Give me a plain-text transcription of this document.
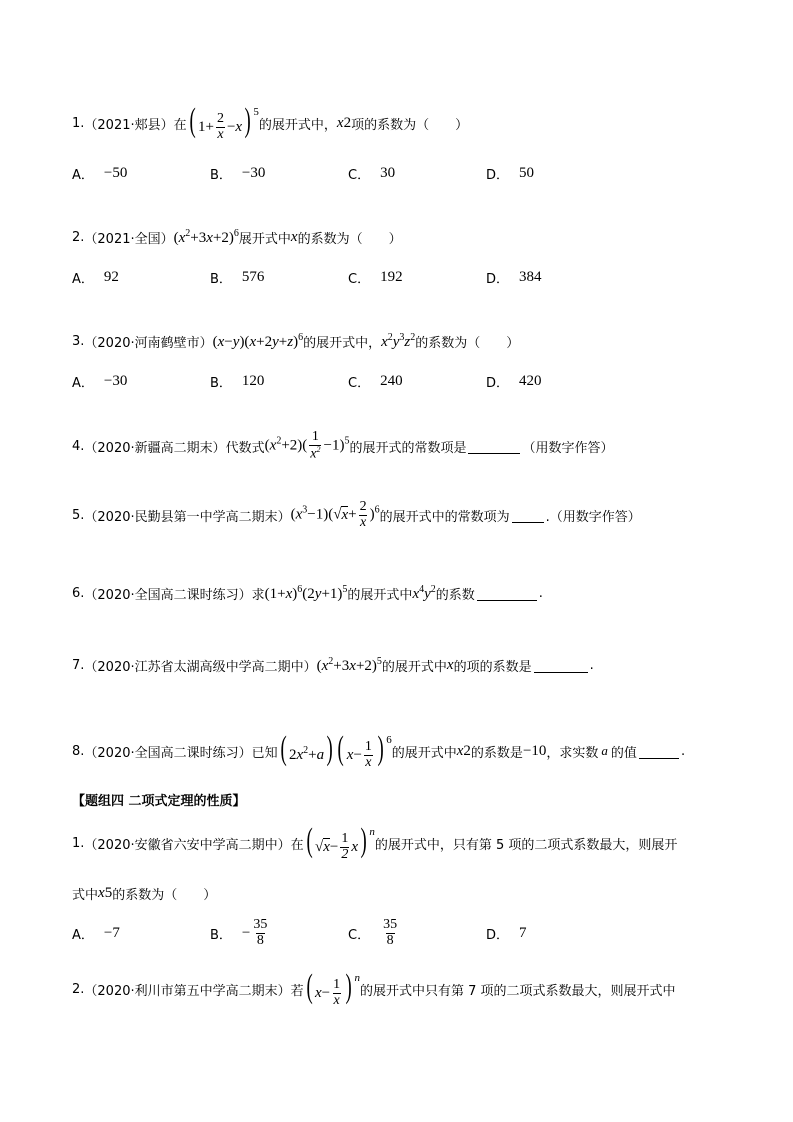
1. （2021·郏县） 在 ( $1+ \frac{2}{x} -x$) $^5$
的展开式中， x 2 项的系数为（　　）
A． −50	B． −30	C． 30	D． 50
2. （2021·全国） $(x^2+3x+2)^6$ 展开式中 x 的系数为（　　）
A． 92	B． 576	C． 192	D． 384
3. （2020·河南鹤壁市） $(x-y)(x+2y+z)^6$ 的展开式中， $x^2y^3z^2$ 的系数为（　　）
A． −30	B． 120	C． 240	D． 420
4. （2020·新疆高二期末） 代数式 $(x^2+2)( \frac{1}{x^2} -1)^5$ 的展开式的常数项是	（用数字作答）
5. （2020·民勤县第一中学高二期末） $(x^3-1)(√x+ \frac{2}{x} )^6$ 的展开式中的常数项为	.（用数字作答）
6. （2020·全国高二课时练习） 求 $(1+x)^6(2y+1)^5$ 的展开式中 $x^4y^2$ 的系数	.
7. （2020·江苏省太湖高级中学高二期中） $(x^2+3x+2)^5$ 的展开式中 x 的项的系数是	.
8. （2020·全国高二课时练习） 已知 ( $2x^2+a$) ( $x- \frac{1}{x}$ ) $^6$
的展开式中 x 2 的系数是 −10 ，求实数 a 的值	.
【题组四 二项式定理的性质】
1. （2020·安徽省六安中学高二期中） 在 ( $√x- \frac{1}{2} x$) $^n$
的展开式中，只有第 5 项的二项式系数最大，则展开
式中 x 5 的系数为（　　）
A． −7	B． − $\frac{35}{8}$	C． $\frac{35}{8}$	D． 7
2. （2020·利川市第五中学高二期末） 若 ( $x- \frac{1}{x}$ ) $^n$
的展开式中只有第 7 项的二项式系数最大，则展开式中
